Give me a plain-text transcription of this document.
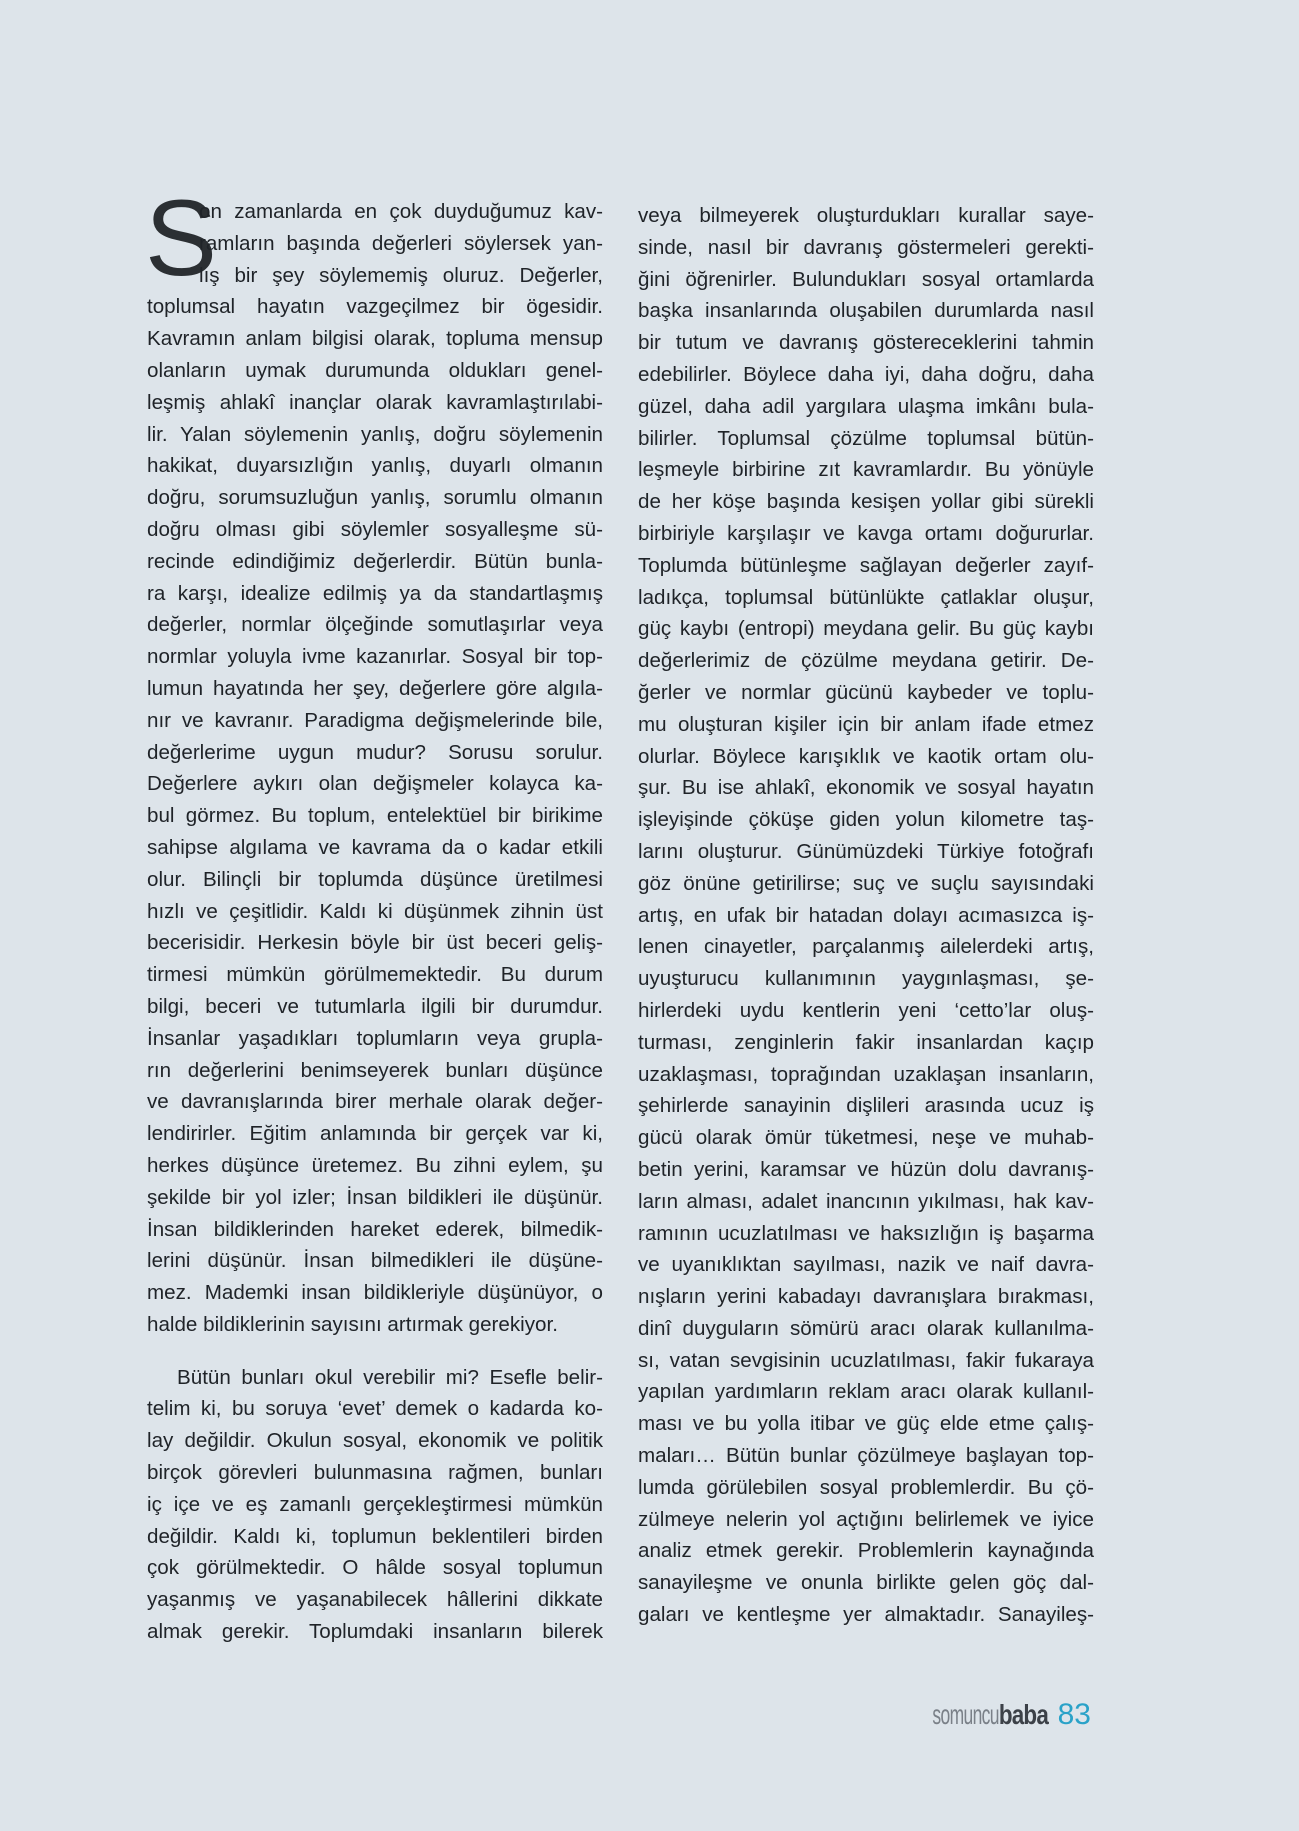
S
on zamanlarda en çok duyduğumuz kav-
ramların başında değerleri söylersek yan-
lış bir şey söylememiş oluruz. Değerler,
toplumsal hayatın vazgeçilmez bir ögesidir.
Kavramın anlam bilgisi olarak, topluma mensup
olanların uymak durumunda oldukları genel-
leşmiş ahlakî inançlar olarak kavramlaştırılabi-
lir. Yalan söylemenin yanlış, doğru söylemenin
hakikat, duyarsızlığın yanlış, duyarlı olmanın
doğru, sorumsuzluğun yanlış, sorumlu olmanın
doğru olması gibi söylemler sosyalleşme sü-
recinde edindiğimiz değerlerdir. Bütün bunla-
ra karşı, idealize edilmiş ya da standartlaşmış
değerler, normlar ölçeğinde somutlaşırlar veya
normlar yoluyla ivme kazanırlar. Sosyal bir top-
lumun hayatında her şey, değerlere göre algıla-
nır ve kavranır. Paradigma değişmelerinde bile,
değerlerime uygun mudur? Sorusu sorulur.
Değerlere aykırı olan değişmeler kolayca ka-
bul görmez. Bu toplum, entelektüel bir birikime
sahipse algılama ve kavrama da o kadar etkili
olur. Bilinçli bir toplumda düşünce üretilmesi
hızlı ve çeşitlidir. Kaldı ki düşünmek zihnin üst
becerisidir. Herkesin böyle bir üst beceri geliş-
tirmesi mümkün görülmemektedir. Bu durum
bilgi, beceri ve tutumlarla ilgili bir durumdur.
İnsanlar yaşadıkları toplumların veya grupla-
rın değerlerini benimseyerek bunları düşünce
ve davranışlarında birer merhale olarak değer-
lendirirler. Eğitim anlamında bir gerçek var ki,
herkes düşünce üretemez. Bu zihni eylem, şu
şekilde bir yol izler; İnsan bildikleri ile düşünür.
İnsan bildiklerinden hareket ederek, bilmedik-
lerini düşünür. İnsan bilmedikleri ile düşüne-
mez. Mademki insan bildikleriyle düşünüyor, o
halde bildiklerinin sayısını artırmak gerekiyor.
Bütün bunları okul verebilir mi? Esefle belir-
telim ki, bu soruya ‘evet’ demek o kadarda ko-
lay değildir. Okulun sosyal, ekonomik ve politik
birçok görevleri bulunmasına rağmen, bunları
iç içe ve eş zamanlı gerçekleştirmesi mümkün
değildir. Kaldı ki, toplumun beklentileri birden
çok görülmektedir. O hâlde sosyal toplumun
yaşanmış ve yaşanabilecek hâllerini dikkate
almak gerekir. Toplumdaki insanların bilerek
veya bilmeyerek oluşturdukları kurallar saye-
sinde, nasıl bir davranış göstermeleri gerekti-
ğini öğrenirler. Bulundukları sosyal ortamlarda
başka insanlarında oluşabilen durumlarda nasıl
bir tutum ve davranış göstereceklerini tahmin
edebilirler. Böylece daha iyi, daha doğru, daha
güzel, daha adil yargılara ulaşma imkânı bula-
bilirler. Toplumsal çözülme toplumsal bütün-
leşmeyle birbirine zıt kavramlardır. Bu yönüyle
de her köşe başında kesişen yollar gibi sürekli
birbiriyle karşılaşır ve kavga ortamı doğururlar.
Toplumda bütünleşme sağlayan değerler zayıf-
ladıkça, toplumsal bütünlükte çatlaklar oluşur,
güç kaybı (entropi) meydana gelir. Bu güç kaybı
değerlerimiz de çözülme meydana getirir. De-
ğerler ve normlar gücünü kaybeder ve toplu-
mu oluşturan kişiler için bir anlam ifade etmez
olurlar. Böylece karışıklık ve kaotik ortam olu-
şur. Bu ise ahlakî, ekonomik ve sosyal hayatın
işleyişinde çöküşe giden yolun kilometre taş-
larını oluşturur. Günümüzdeki Türkiye fotoğrafı
göz önüne getirilirse; suç ve suçlu sayısındaki
artış, en ufak bir hatadan dolayı acımasızca iş-
lenen cinayetler, parçalanmış ailelerdeki artış,
uyuşturucu kullanımının yaygınlaşması, şe-
hirlerdeki uydu kentlerin yeni ‘cetto’lar oluş-
turması, zenginlerin fakir insanlardan kaçıp
uzaklaşması, toprağından uzaklaşan insanların,
şehirlerde sanayinin dişlileri arasında ucuz iş
gücü olarak ömür tüketmesi, neşe ve muhab-
betin yerini, karamsar ve hüzün dolu davranış-
ların alması, adalet inancının yıkılması, hak kav-
ramının ucuzlatılması ve haksızlığın iş başarma
ve uyanıklıktan sayılması, nazik ve naif davra-
nışların yerini kabadayı davranışlara bırakması,
dinî duyguların sömürü aracı olarak kullanılma-
sı, vatan sevgisinin ucuzlatılması, fakir fukaraya
yapılan yardımların reklam aracı olarak kullanıl-
ması ve bu yolla itibar ve güç elde etme çalış-
maları… Bütün bunlar çözülmeye başlayan top-
lumda görülebilen sosyal problemlerdir. Bu çö-
zülmeye nelerin yol açtığını belirlemek ve iyice
analiz etmek gerekir. Problemlerin kaynağında
sanayileşme ve onunla birlikte gelen göç dal-
gaları ve kentleşme yer almaktadır. Sanayileş-
somuncu baba 83
